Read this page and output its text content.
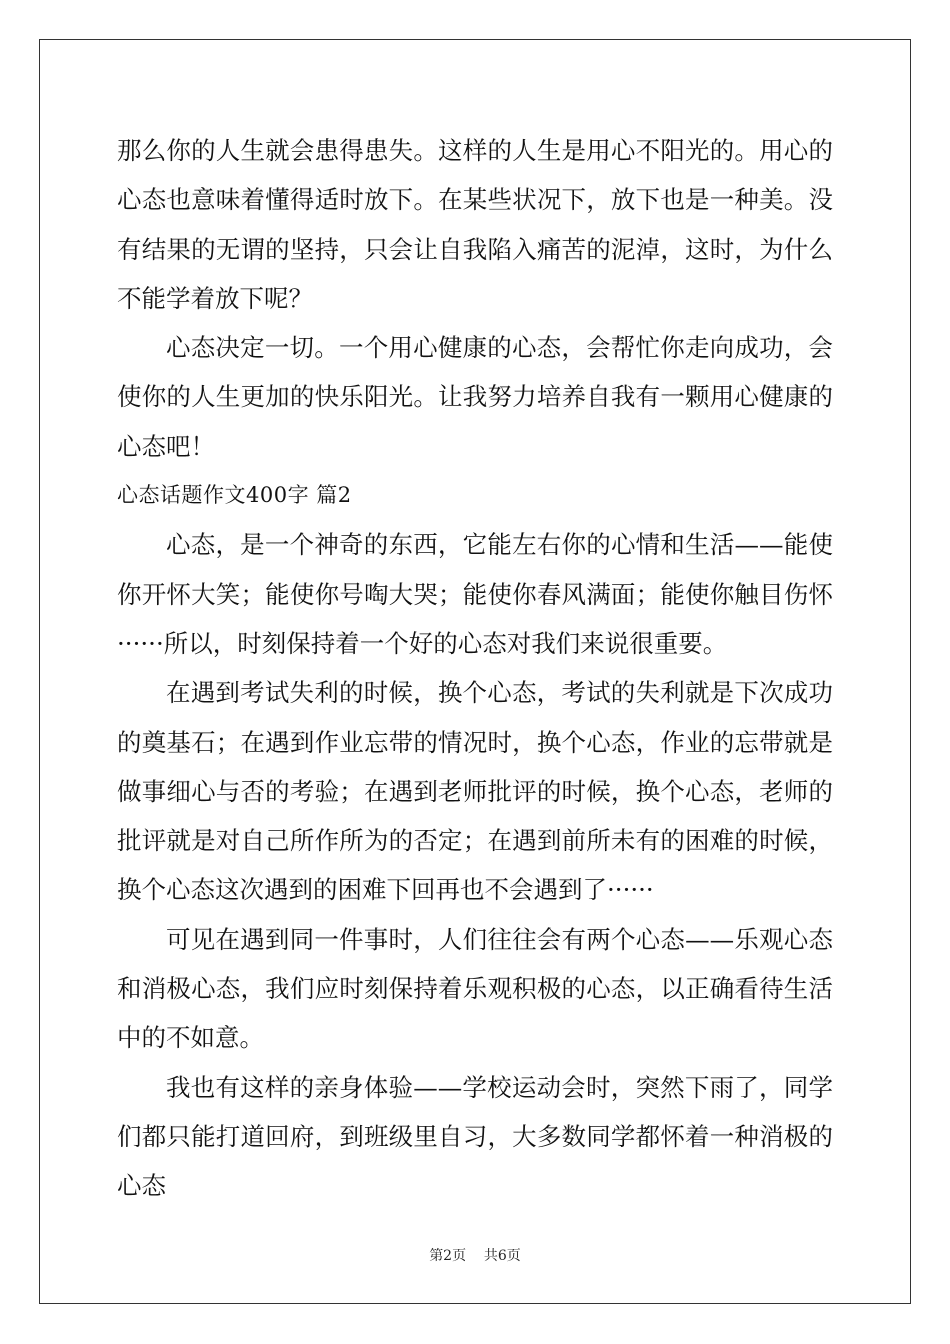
那么你的人生就会患得患失。这样的人生是用心不阳光的。用心的心态也意味着懂得适时放下。在某些状况下，放下也是一种美。没有结果的无谓的坚持，只会让自我陷入痛苦的泥淖，这时，为什么不能学着放下呢？

心态决定一切。一个用心健康的心态，会帮忙你走向成功，会使你的人生更加的快乐阳光。让我努力培养自我有一颗用心健康的心态吧！

心态话题作文400字 篇2

心态，是一个神奇的东西，它能左右你的心情和生活——能使你开怀大笑；能使你号啕大哭；能使你春风满面；能使你触目伤怀······所以，时刻保持着一个好的心态对我们来说很重要。

在遇到考试失利的时候，换个心态，考试的失利就是下次成功的奠基石；在遇到作业忘带的情况时，换个心态，作业的忘带就是做事细心与否的考验；在遇到老师批评的时候，换个心态，老师的批评就是对自己所作所为的否定；在遇到前所未有的困难的时候，换个心态这次遇到的困难下回再也不会遇到了······

可见在遇到同一件事时，人们往往会有两个心态——乐观心态和消极心态，我们应时刻保持着乐观积极的心态，以正确看待生活中的不如意。

我也有这样的亲身体验——学校运动会时，突然下雨了，同学们都只能打道回府，到班级里自习，大多数同学都怀着一种消极的心态

第2页    共6页
